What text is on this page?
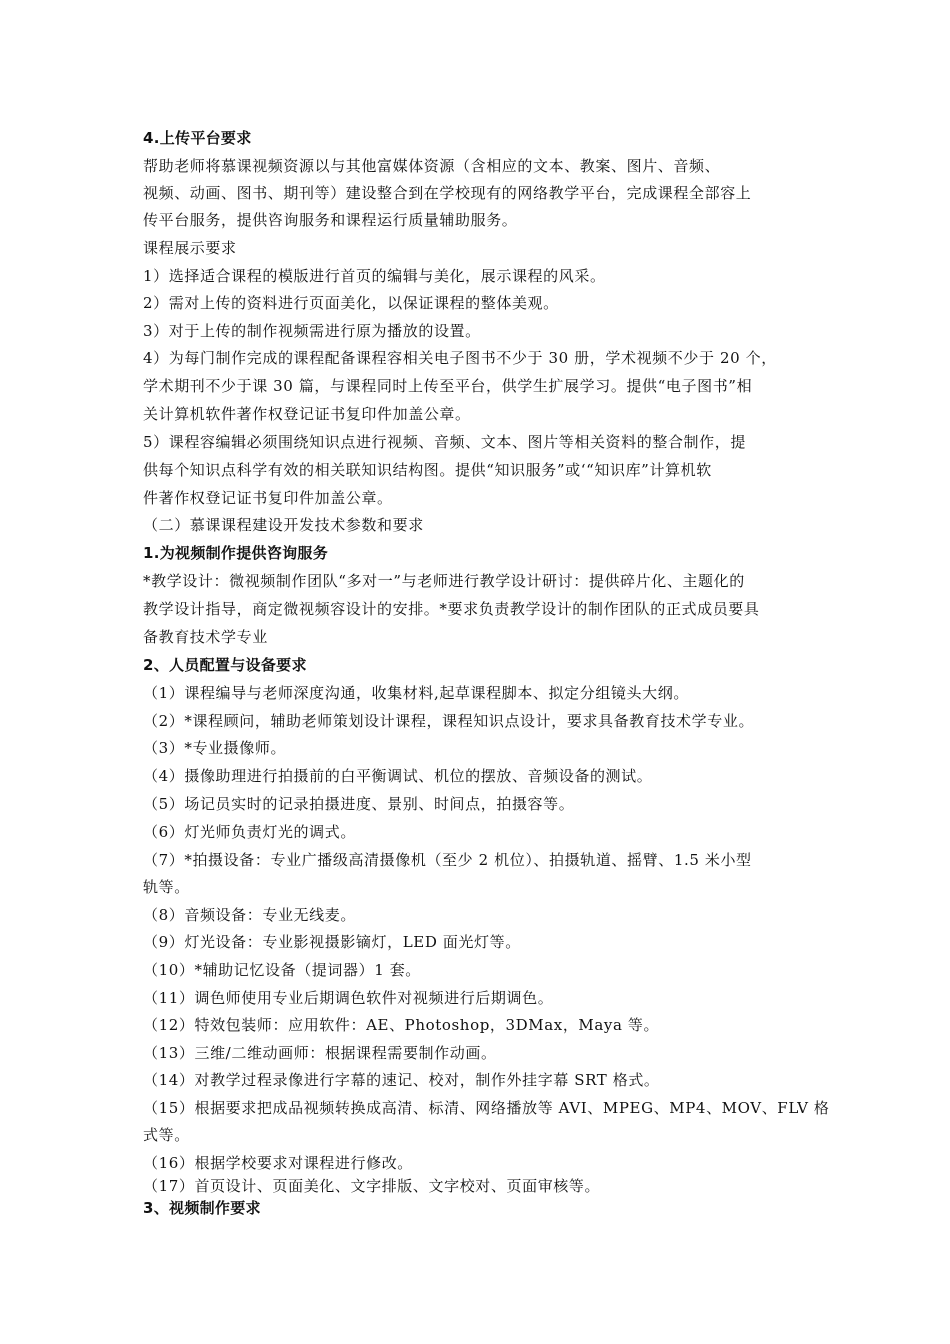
4.上传平台要求
帮助老师将慕课视频资源以与其他富媒体资源（含相应的文本、教案、图片、音频、
视频、动画、图书、期刊等）建设整合到在学校现有的网络教学平台，完成课程全部容上
传平台服务，提供咨询服务和课程运行质量辅助服务。
课程展示要求
1）选择适合课程的模版进行首页的编辑与美化，展示课程的风采。
2）需对上传的资料进行页面美化，以保证课程的整体美观。
3）对于上传的制作视频需进行原为播放的设置。
4）为每门制作完成的课程配备课程容相关电子图书不少于 30 册，学术视频不少于 20 个，
学术期刊不少于课 30 篇，与课程同时上传至平台，供学生扩展学习。提供“电子图书”相
关计算机软件著作权登记证书复印件加盖公章。
5）课程容编辑必须围绕知识点进行视频、音频、文本、图片等相关资料的整合制作，提
供每个知识点科学有效的相关联知识结构图。提供“知识服务”或‘“知识库”计算机软
件著作权登记证书复印件加盖公章。
（二）慕课课程建设开发技术参数和要求
1.为视频制作提供咨询服务
*教学设计：微视频制作团队“多对一”与老师进行教学设计研讨：提供碎片化、主题化的
教学设计指导，商定微视频容设计的安排。*要求负责教学设计的制作团队的正式成员要具
备教育技术学专业
2、人员配置与设备要求
（1）课程编导与老师深度沟通，收集材料,起草课程脚本、拟定分组镜头大纲。
（2）*课程顾问，辅助老师策划设计课程，课程知识点设计，要求具备教育技术学专业。
（3）*专业摄像师。
（4）摄像助理进行拍摄前的白平衡调试、机位的摆放、音频设备的测试。
（5）场记员实时的记录拍摄进度、景别、时间点，拍摄容等。
（6）灯光师负责灯光的调式。
（7）*拍摄设备：专业广播级高清摄像机（至少 2 机位）、拍摄轨道、摇臂、1.5 米小型
轨等。
（8）音频设备：专业无线麦。
（9）灯光设备：专业影视摄影镝灯，LED 面光灯等。
（10）*辅助记忆设备（提词器）1 套。
（11）调色师使用专业后期调色软件对视频进行后期调色。
（12）特效包装师：应用软件：AE、Photoshop，3DMax，Maya 等。
（13）三维/二维动画师：根据课程需要制作动画。
（14）对教学过程录像进行字幕的速记、校对，制作外挂字幕 SRT 格式。
（15）根据要求把成品视频转换成高清、标清、网络播放等 AVI、MPEG、MP4、MOV、FLV 格
式等。
（16）根据学校要求对课程进行修改。
（17）首页设计、页面美化、文字排版、文字校对、页面审核等。
3、视频制作要求
